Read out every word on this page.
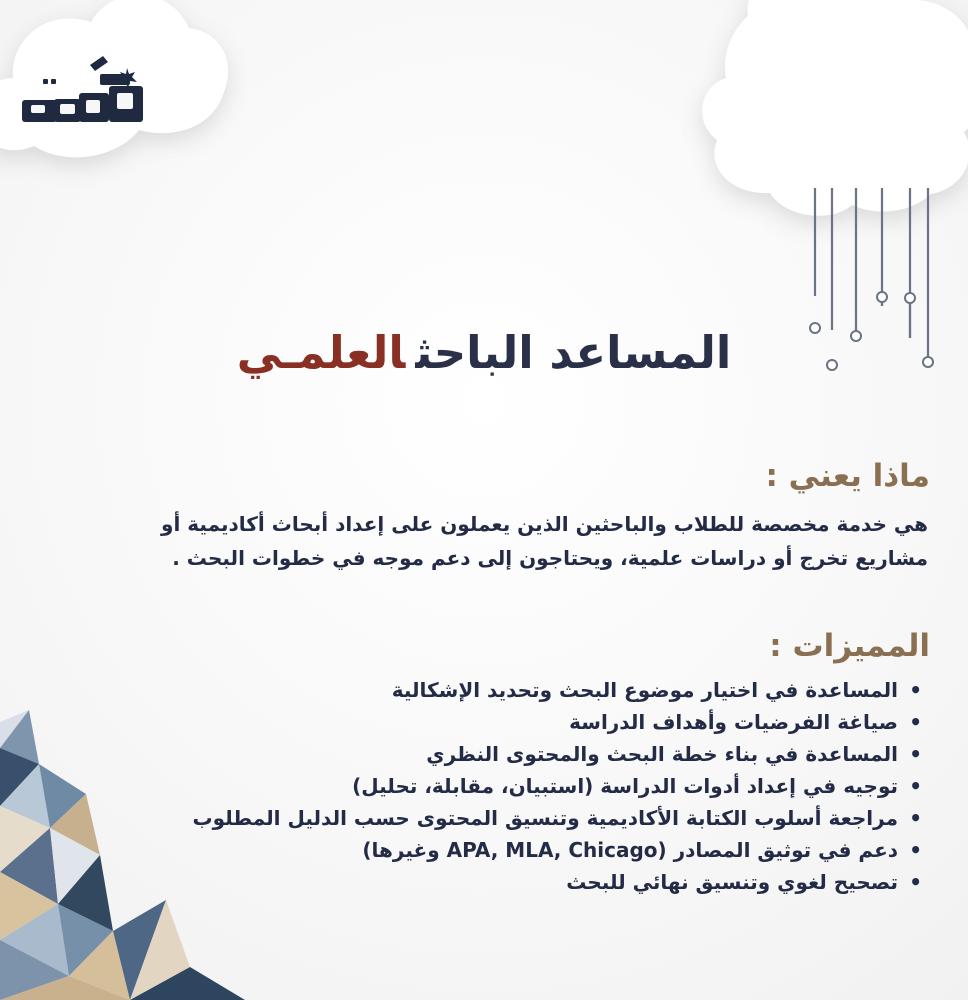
المساعد الباحثالعلمـي
ماذا يعني :
هي خدمة مخصصة للطلاب والباحثين الذين يعملون على إعداد أبحاث أكاديمية أو مشاريع تخرج أو دراسات علمية، ويحتاجون إلى دعم موجه في خطوات البحث .
المميزات :
• المساعدة في اختيار موضوع البحث وتحديد الإشكالية
• صياغة الفرضيات وأهداف الدراسة
• المساعدة في بناء خطة البحث والمحتوى النظري
• توجيه في إعداد أدوات الدراسة (استبيان، مقابلة، تحليل)
• مراجعة أسلوب الكتابة الأكاديمية وتنسيق المحتوى حسب الدليل المطلوب
• دعم في توثيق المصادر (APA, MLA, Chicago وغيرها)
• تصحيح لغوي وتنسيق نهائي للبحث
